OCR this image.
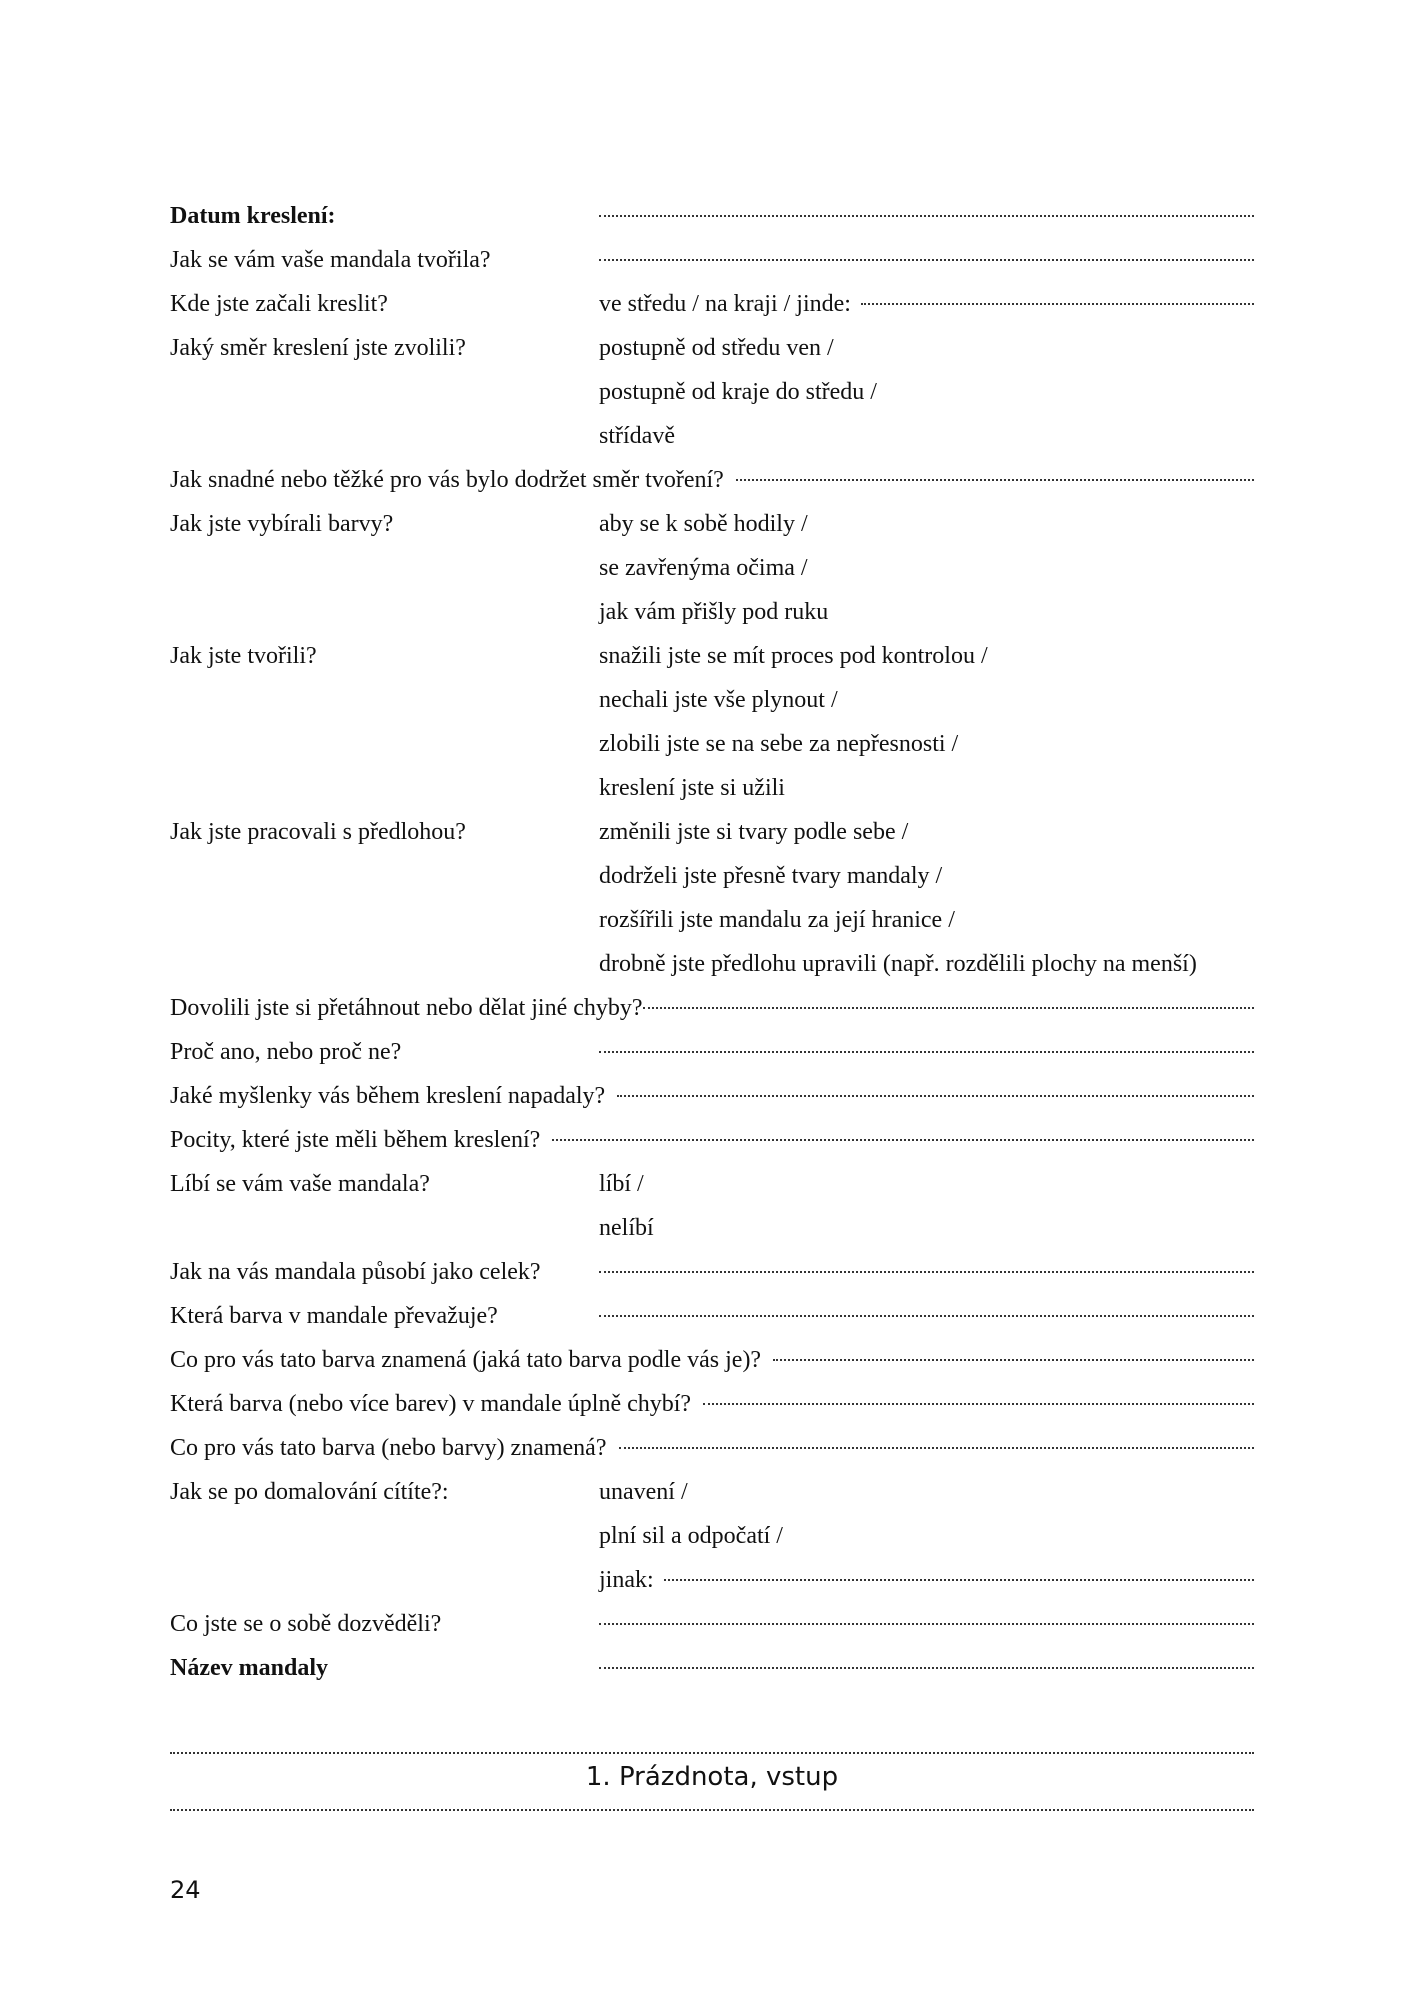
Datum kreslení:
Jak se vám vaše mandala tvořila?
Kde jste začali kreslit?	ve středu / na kraji / jinde:
Jaký směr kreslení jste zvolili?	postupně od středu ven /
postupně od kraje do středu /
střídavě
Jak snadné nebo těžké pro vás bylo dodržet směr tvoření?
Jak jste vybírali barvy?	aby se k sobě hodily /
se zavřenýma očima /
jak vám přišly pod ruku
Jak jste tvořili?	snažili jste se mít proces pod kontrolou /
nechali jste vše plynout /
zlobili jste se na sebe za nepřesnosti /
kreslení jste si užili
Jak jste pracovali s předlohou?	změnili jste si tvary podle sebe /
dodrželi jste přesně tvary mandaly /
rozšířili jste mandalu za její hranice /
drobně jste předlohu upravili (např. rozdělili plochy na menší)
Dovolili jste si přetáhnout nebo dělat jiné chyby?
Proč ano, nebo proč ne?
Jaké myšlenky vás během kreslení napadaly?
Pocity, které jste měli během kreslení?
Líbí se vám vaše mandala?	líbí /
nelíbí
Jak na vás mandala působí jako celek?
Která barva v mandale převažuje?
Co pro vás tato barva znamená (jaká tato barva podle vás je)?
Která barva (nebo více barev) v mandale úplně chybí?
Co pro vás tato barva (nebo barvy) znamená?
Jak se po domalování cítíte?:	unavení /
plní sil a odpočatí /
jinak:
Co jste se o sobě dozvěděli?
Název mandaly
1. Prázdnota, vstup
24
